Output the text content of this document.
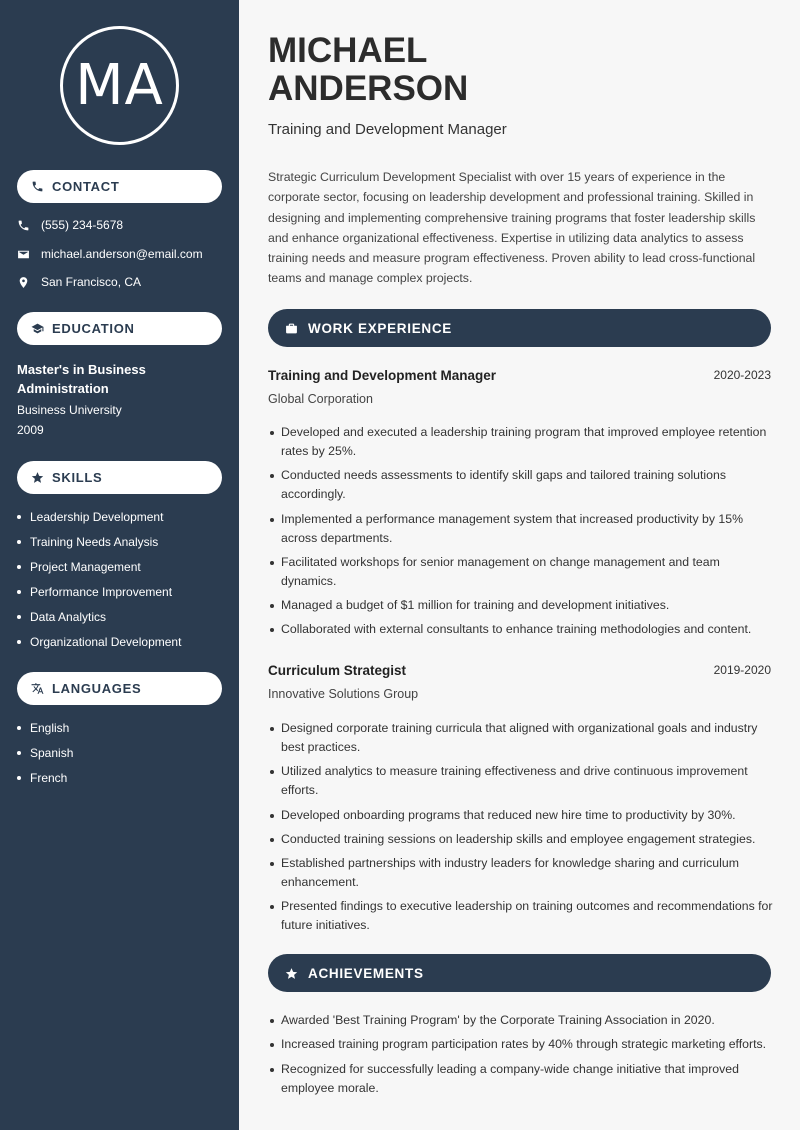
MA
CONTACT
(555) 234-5678
michael.anderson@email.com
San Francisco, CA
EDUCATION
Master's in Business Administration
Business University
2009
SKILLS
Leadership Development
Training Needs Analysis
Project Management
Performance Improvement
Data Analytics
Organizational Development
LANGUAGES
English
Spanish
French
MICHAEL
ANDERSON
Training and Development Manager

Strategic Curriculum Development Specialist with over 15 years of experience in the corporate sector, focusing on leadership development and professional training. Skilled in designing and implementing comprehensive training programs that foster leadership skills and enhance organizational effectiveness. Expertise in utilizing data analytics to assess training needs and measure program effectiveness. Proven ability to lead cross-functional teams and manage complex projects.

WORK EXPERIENCE
Training and Development Manager	2020-2023
Global Corporation
Developed and executed a leadership training program that improved employee retention rates by 25%.
Conducted needs assessments to identify skill gaps and tailored training solutions accordingly.
Implemented a performance management system that increased productivity by 15% across departments.
Facilitated workshops for senior management on change management and team dynamics.
Managed a budget of $1 million for training and development initiatives.
Collaborated with external consultants to enhance training methodologies and content.
Curriculum Strategist	2019-2020
Innovative Solutions Group
Designed corporate training curricula that aligned with organizational goals and industry best practices.
Utilized analytics to measure training effectiveness and drive continuous improvement efforts.
Developed onboarding programs that reduced new hire time to productivity by 30%.
Conducted training sessions on leadership skills and employee engagement strategies.
Established partnerships with industry leaders for knowledge sharing and curriculum enhancement.
Presented findings to executive leadership on training outcomes and recommendations for future initiatives.
ACHIEVEMENTS
Awarded 'Best Training Program' by the Corporate Training Association in 2020.
Increased training program participation rates by 40% through strategic marketing efforts.
Recognized for successfully leading a company-wide change initiative that improved employee morale.
